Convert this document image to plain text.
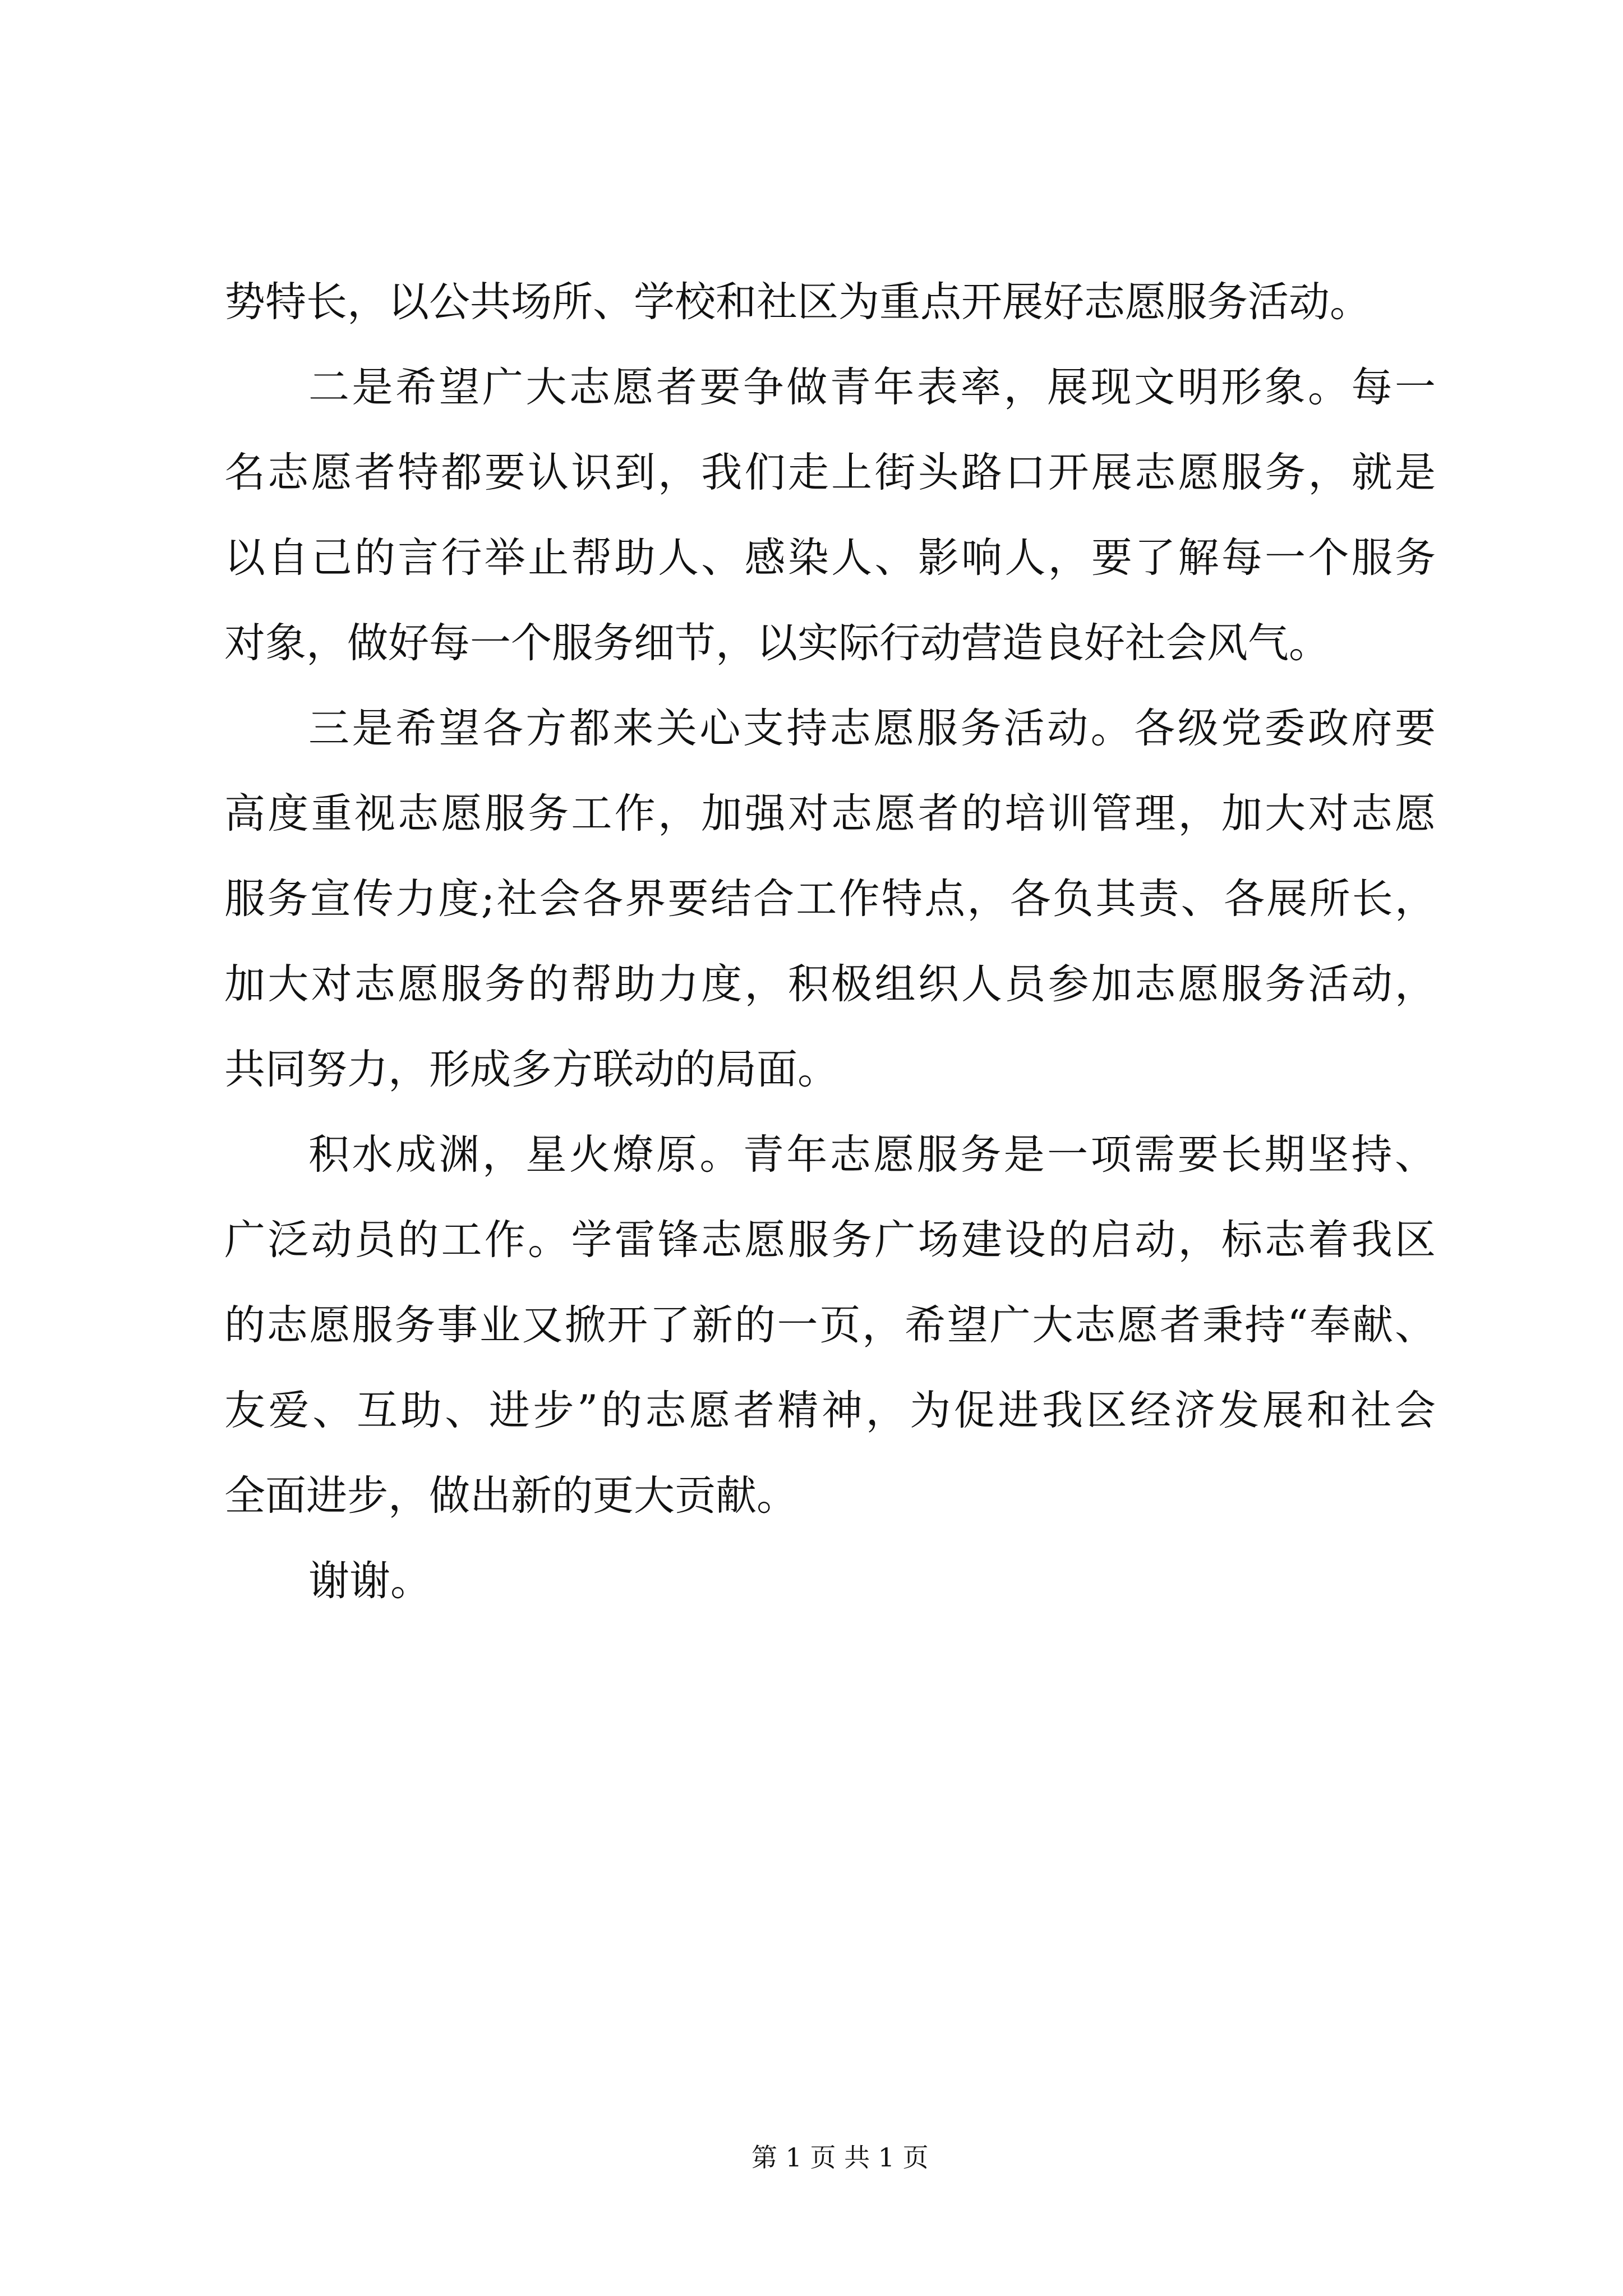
势特长，以公共场所、学校和社区为重点开展好志愿服务活动。
二是希望广大志愿者要争做青年表率，展现文明形象。每一
名志愿者特都要认识到，我们走上街头路口开展志愿服务，就是
以自己的言行举止帮助人、感染人、影响人，要了解每一个服务
对象，做好每一个服务细节，以实际行动营造良好社会风气。
三是希望各方都来关心支持志愿服务活动。各级党委政府要
高度重视志愿服务工作，加强对志愿者的培训管理，加大对志愿
服务宣传力度;社会各界要结合工作特点，各负其责、各展所长，
加大对志愿服务的帮助力度，积极组织人员参加志愿服务活动，
共同努力，形成多方联动的局面。
积水成渊，星火燎原。青年志愿服务是一项需要长期坚持、
广泛动员的工作。学雷锋志愿服务广场建设的启动，标志着我区
的志愿服务事业又掀开了新的一页，希望广大志愿者秉持“奉献、
友爱、互助、进步”的志愿者精神，为促进我区经济发展和社会
全面进步，做出新的更大贡献。
谢谢。
第 1 页 共 1 页
